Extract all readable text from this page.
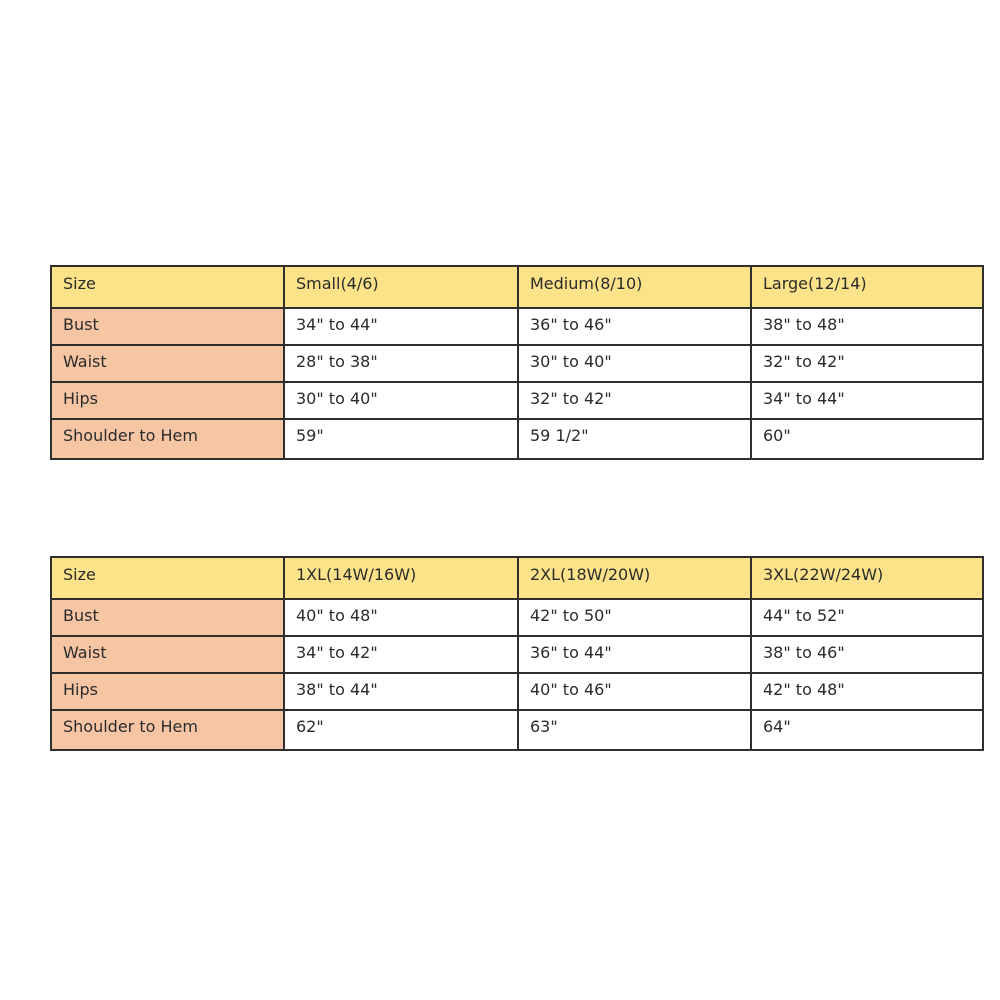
Size	Small(4/6)	Medium(8/10)	Large(12/14)
Bust	34" to 44"	36" to 46"	38" to 48"
Waist	28" to 38"	30" to 40"	32" to 42"
Hips	30" to 40"	32" to 42"	34" to 44"
Shoulder to Hem	59"	59 1/2"	60"
Size	1XL(14W/16W)	2XL(18W/20W)	3XL(22W/24W)
Bust	40" to 48"	42" to 50"	44" to 52"
Waist	34" to 42"	36" to 44"	38" to 46"
Hips	38" to 44"	40" to 46"	42" to 48"
Shoulder to Hem	62"	63"	64"
